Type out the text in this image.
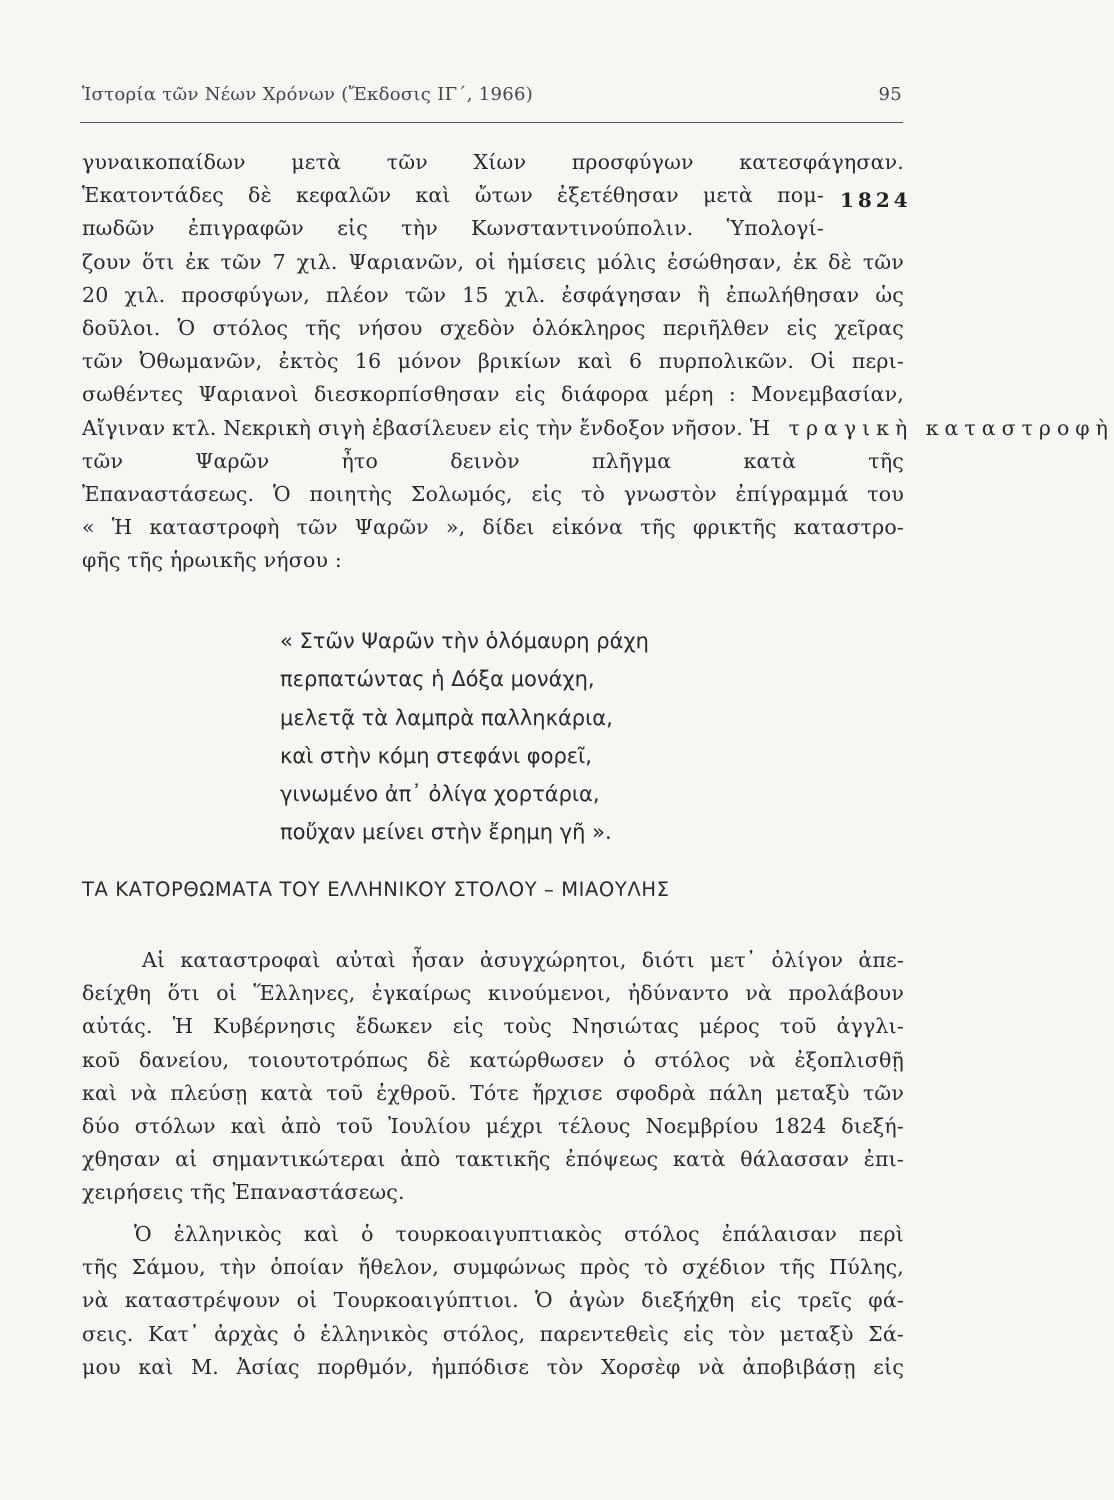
Ἱστορία τῶν Νέων Χρόνων (Ἔκδοσις ΙΓ΄, 1966)	95
1824
γυναικοπαίδων μετὰ τῶν Χίων προσφύγων κατεσφάγησαν.
Ἑκατοντάδες δὲ κεφαλῶν καὶ ὤτων ἐξετέθησαν μετὰ πομ-
πωδῶν ἐπιγραφῶν εἰς τὴν Κωνσταντινούπολιν. Ὑπολογί-
ζουν ὅτι ἐκ τῶν 7 χιλ. Ψαριανῶν, οἱ ἡμίσεις μόλις ἐσώθησαν, ἐκ δὲ τῶν
20 χιλ. προσφύγων, πλέον τῶν 15 χιλ. ἐσφάγησαν ἢ ἐπωλήθησαν ὡς
δοῦλοι. Ὁ στόλος τῆς νήσου σχεδὸν ὁλόκληρος περιῆλθεν εἰς χεῖρας
τῶν Ὀθωμανῶν, ἐκτὸς 16 μόνον βρικίων καὶ 6 πυρπολικῶν. Οἱ περι-
σωθέντες Ψαριανοὶ διεσκορπίσθησαν εἰς διάφορα μέρη : Μονεμβασίαν,
Αἴγιναν κτλ. Νεκρικὴ σιγὴ ἐβασίλευεν εἰς τὴν ἔνδοξον νῆσον. Ἡ τραγικὴ καταστροφὴ
τῶν Ψαρῶν ἦτο δεινὸν πλῆγμα κατὰ τῆς
Ἐπαναστάσεως. Ὁ ποιητὴς Σολωμός, εἰς τὸ γνωστὸν ἐπίγραμμά του
« Ἡ καταστροφὴ τῶν Ψαρῶν », δίδει εἰκόνα τῆς φρικτῆς καταστρο-
φῆς τῆς ἡρωικῆς νήσου :
« Στῶν Ψαρῶν τὴν ὁλόμαυρη ράχη
περπατώντας ἡ Δόξα μονάχη,
μελετᾷ τὰ λαμπρὰ παλληκάρια,
καὶ στὴν κόμη στεφάνι φορεῖ,
γινωμένο ἀπ᾿ ὀλίγα χορτάρια,
ποὔχαν μείνει στὴν ἔρημη γῆ ».
ΤΑ ΚΑΤΟΡΘΩΜΑΤΑ ΤΟΥ ΕΛΛΗΝΙΚΟΥ ΣΤΟΛΟΥ – ΜΙΑΟΥΛΗΣ
Αἱ καταστροφαὶ αὐταὶ ἦσαν ἀσυγχώρητοι, διότι μετ᾿ ὀλίγον ἀπε-
δείχθη ὅτι οἱ Ἕλληνες, ἐγκαίρως κινούμενοι, ἠδύναντο νὰ προλάβουν
αὐτάς. Ἡ Κυβέρνησις ἔδωκεν εἰς τοὺς Νησιώτας μέρος τοῦ ἀγγλι-
κοῦ δανείου, τοιουτοτρόπως δὲ κατώρθωσεν ὁ στόλος νὰ ἐξοπλισθῇ
καὶ νὰ πλεύσῃ κατὰ τοῦ ἐχθροῦ. Τότε ἤρχισε σφοδρὰ πάλη μεταξὺ τῶν
δύο στόλων καὶ ἀπὸ τοῦ Ἰουλίου μέχρι τέλους Νοεμβρίου 1824 διεξή-
χθησαν αἱ σημαντικώτεραι ἀπὸ τακτικῆς ἐπόψεως κατὰ θάλασσαν ἐπι-
χειρήσεις τῆς Ἐπαναστάσεως.
Ὁ ἑλληνικὸς καὶ ὁ τουρκοαιγυπτιακὸς στόλος ἐπάλαισαν περὶ
τῆς Σάμου, τὴν ὁποίαν ἤθελον, συμφώνως πρὸς τὸ σχέδιον τῆς Πύλης,
νὰ καταστρέψουν οἱ Τουρκοαιγύπτιοι. Ὁ ἀγὼν διεξήχθη εἰς τρεῖς φά-
σεις. Κατ᾿ ἀρχὰς ὁ ἑλληνικὸς στόλος, παρεντεθεὶς εἰς τὸν μεταξὺ Σά-
μου καὶ Μ. Ἀσίας πορθμόν, ἠμπόδισε τὸν Χορσὲφ νὰ ἀποβιβάσῃ εἰς
